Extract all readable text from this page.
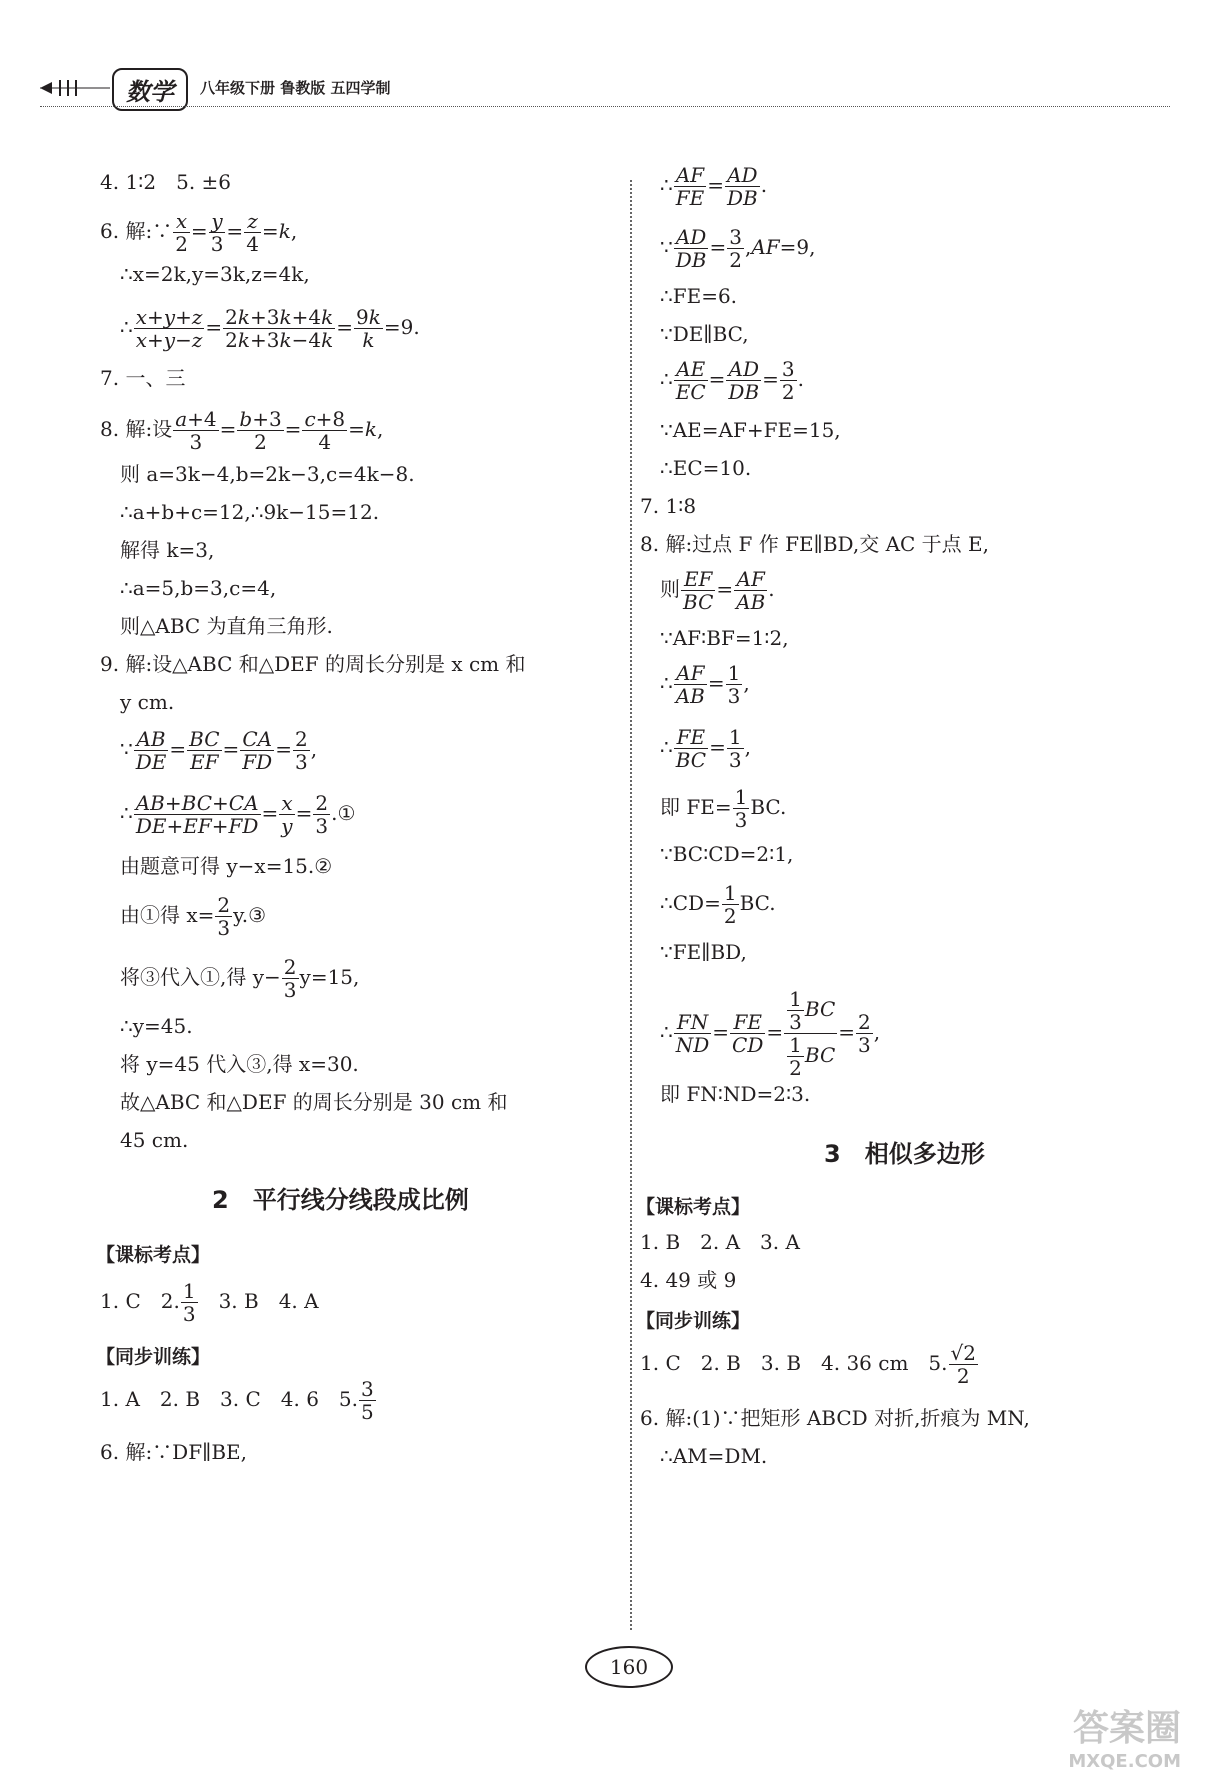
数学	八年级下册 鲁教版 五四学制
4. 1∶2　5. ±6
6. 解:∵ $\frac{x}{2} = \frac{y}{3} = \frac{z}{4} =k$,
∴x=2k,y=3k,z=4k,
∴ $\frac{x+y+z}{x+y-z} = \frac{2k+3k+4k}{2k+3k-4k} = \frac{9k}{k} =9$.
7. 一、三
8. 解:设 $\frac{a+4}{3} = \frac{b+3}{2} = \frac{c+8}{4} =k$,
则 a=3k−4,b=2k−3,c=4k−8.
∴a+b+c=12,∴9k−15=12.
解得 k=3,
∴a=5,b=3,c=4,
则△ABC 为直角三角形.
9. 解:设△ABC 和△DEF 的周长分别是 x cm 和
y cm.
∵ $\frac{AB}{DE} = \frac{BC}{EF} = \frac{CA}{FD} = \frac{2}{3}$ ,
∴ $\frac{AB+BC+CA}{DE+EF+FD} = \frac{x}{y} = \frac{2}{3}$ .①
由题意可得 y−x=15.②
由①得 $x= \frac{2}{3}$ y.③
将③代入①,得 $y- \frac{2}{3} y=15$,
∴y=45.
将 y=45 代入③,得 x=30.
故△ABC 和△DEF 的周长分别是 30 cm 和
45 cm.
2　平行线分线段成比例
【课标考点】
1. C　2. $\frac{1}{3}$
　 3. B　4. A
【同步训练】
1. A　2. B　3. C　4. 6　5. $\frac{3}{5}$
6. 解:∵DF∥BE,
∴ $\frac{AF}{FE} = \frac{AD}{DB}$ .
∵ $\frac{AD}{DB} = \frac{3}{2} ,AF=9$,
∴FE=6.
∵DE∥BC,
∴ $\frac{AE}{EC} = \frac{AD}{DB} = \frac{3}{2}$ .
∵AE=AF+FE=15,
∴EC=10.
7. 1∶8
8. 解:过点 F 作 FE∥BD,交 AC 于点 E,
则 $\frac{EF}{BC} = \frac{AF}{AB}$ .
∵AF∶BF=1∶2,
∴ $\frac{AF}{AB} = \frac{1}{3}$ ,
∴ $\frac{FE}{BC} = \frac{1}{3}$ ,
即 $FE= \frac{1}{3}$ BC.
∵BC∶CD=2∶1,
∴CD= $\frac{1}{2}$ BC.
∵FE∥BD,
∴ $\frac{FN}{ND} = \frac{FE}{CD} = \frac{\frac{1}{3} BC}{\frac{1}{2} BC} = \frac{2}{3}$ ,
即 FN∶ND=2∶3.
3　相似多边形
【课标考点】
1. B　2. A　3. A
4. 49 或 9
【同步训练】
1. C　2. B　3. B　4. 36 cm　5. $\frac{√2}{2}$
6. 解:(1)∵把矩形 ABCD 对折,折痕为 MN,
∴AM=DM.
160
答案圈
MXQE.COM
